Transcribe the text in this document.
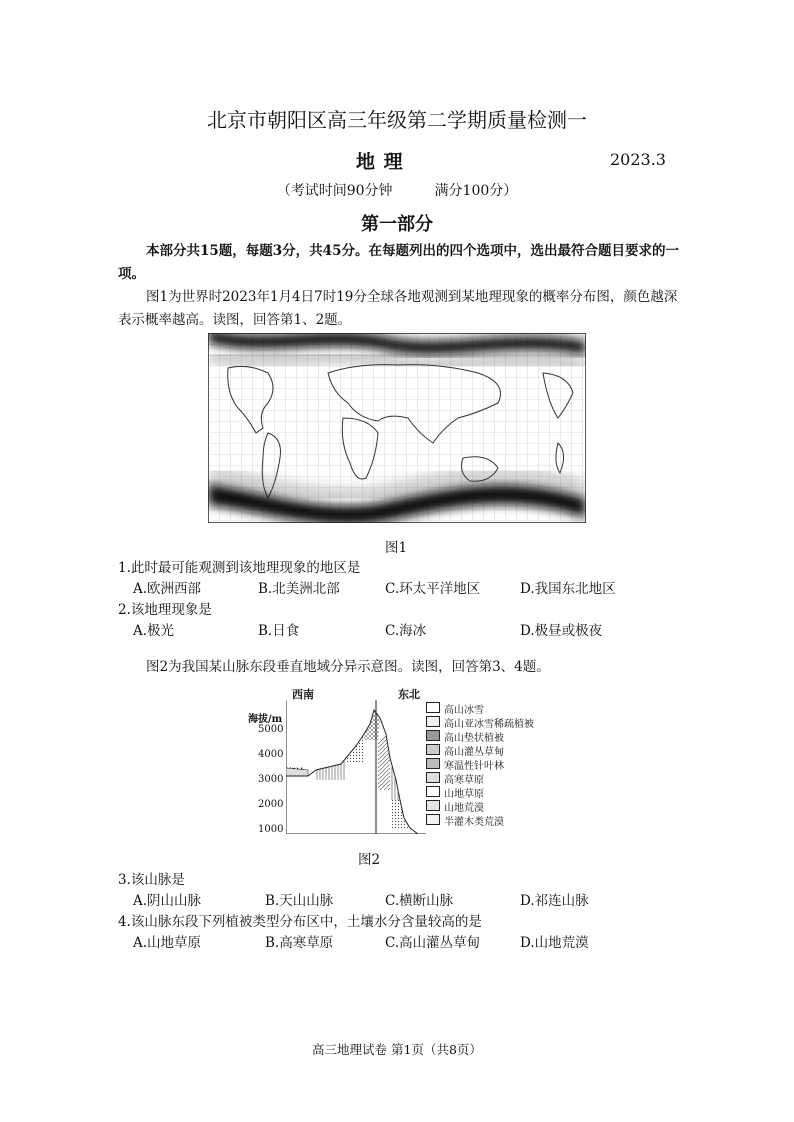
北京市朝阳区高三年级第二学期质量检测一
地 理	2023.3
（考试时间90分钟　　　满分100分）
第一部分
本部分共15题，每题3分，共45分。在每题列出的四个选项中，选出最符合题目要求的一项。
图1为世界时2023年1月4日7时19分全球各地观测到某地理现象的概率分布图，颜色越深表示概率越高。读图，回答第1、2题。
图1
1.此时最可能观测到该地理现象的地区是
A.欧洲西部	B.北美洲北部	C.环太平洋地区	D.我国东北地区
2.该地理现象是
A.极光	B.日食	C.海冰	D.极昼或极夜
图2为我国某山脉东段垂直地域分异示意图。读图，回答第3、4题。
西南	东北
海拔/m
5000
4000
3000
2000
1000
高山冰雪
高山亚冰雪稀疏植被
高山垫状植被
高山灌丛草甸
寒温性针叶林
高寒草原
山地草原
山地荒漠
半灌木类荒漠
图2
3.该山脉是
A.阴山山脉	B.天山山脉	C.横断山脉	D.祁连山脉
4.该山脉东段下列植被类型分布区中，土壤水分含量较高的是
A.山地草原	B.高寒草原	C.高山灌丛草甸	D.山地荒漠
高三地理试卷 第1页（共8页）
